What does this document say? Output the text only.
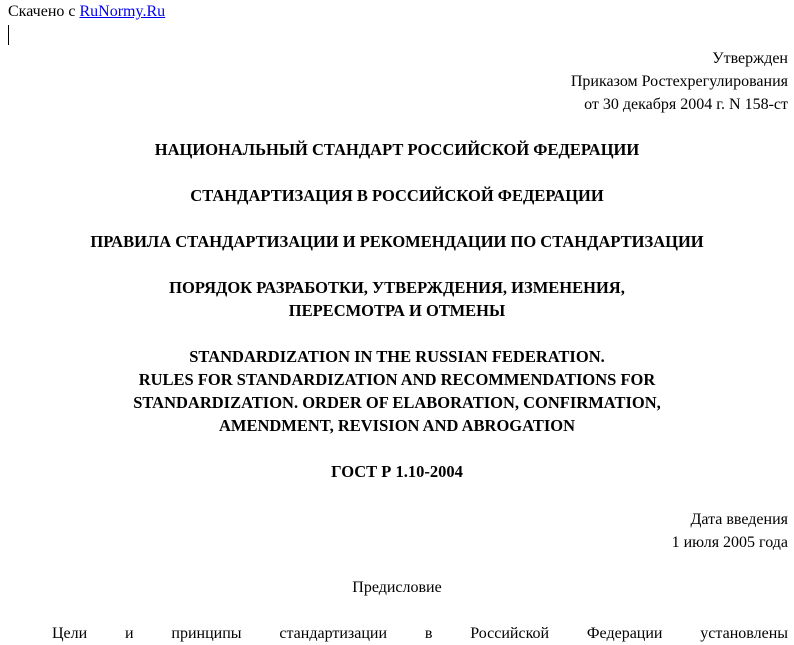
Скачено с RuNormy.Ru
Утвержден
Приказом Ростехрегулирования
от 30 декабря 2004 г. N 158-ст
НАЦИОНАЛЬНЫЙ СТАНДАРТ РОССИЙСКОЙ ФЕДЕРАЦИИ
СТАНДАРТИЗАЦИЯ В РОССИЙСКОЙ ФЕДЕРАЦИИ
ПРАВИЛА СТАНДАРТИЗАЦИИ И РЕКОМЕНДАЦИИ ПО СТАНДАРТИЗАЦИИ
ПОРЯДОК РАЗРАБОТКИ, УТВЕРЖДЕНИЯ, ИЗМЕНЕНИЯ,
ПЕРЕСМОТРА И ОТМЕНЫ
STANDARDIZATION IN THE RUSSIAN FEDERATION.
RULES FOR STANDARDIZATION AND RECOMMENDATIONS FOR
STANDARDIZATION. ORDER OF ELABORATION, CONFIRMATION,
AMENDMENT, REVISION AND ABROGATION
ГОСТ Р 1.10-2004
Дата введения
1 июля 2005 года
Предисловие
Цели и принципы стандартизации в Российской Федерации установлены
